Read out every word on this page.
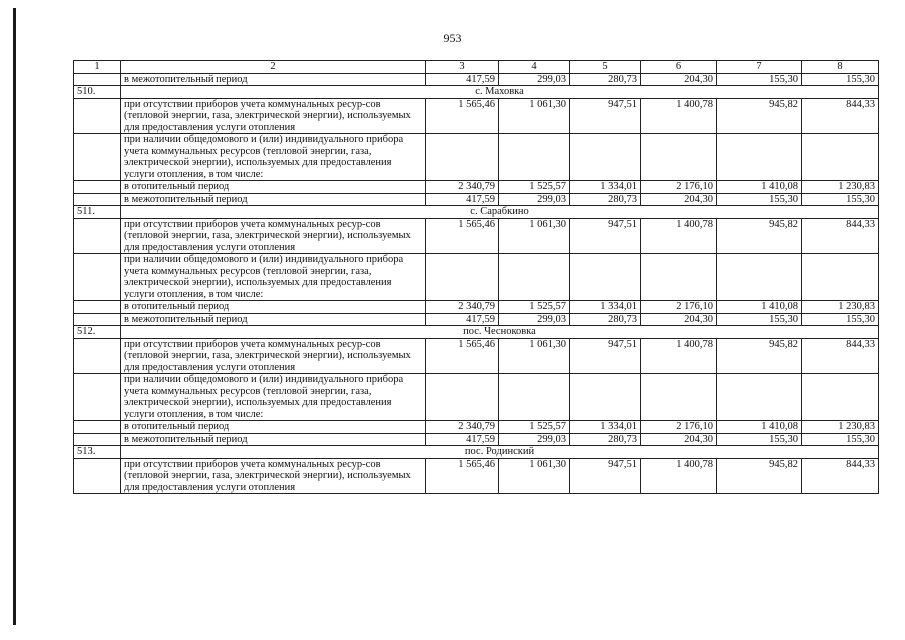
953
1	2	3	4	5	6	7	8
	в межотопительный период	417,59	299,03	280,73	204,30	155,30	155,30
510.	с. Маховка						
	при отсутствии приборов учета коммунальных ресур-сов (тепловой энергии, газа, электрической энергии), используемых для предоставления услуги отопления	1 565,46	1 061,30	947,51	1 400,78	945,82	844,33
	при наличии общедомового и (или) индивидуального прибора учета коммунальных ресурсов (тепловой энергии, газа, электрической энергии), используемых для предоставления услуги отопления, в том числе:						
	в отопительный период	2 340,79	1 525,57	1 334,01	2 176,10	1 410,08	1 230,83
	в межотопительный период	417,59	299,03	280,73	204,30	155,30	155,30
511.	с. Сарабкино						
	при отсутствии приборов учета коммунальных ресур-сов (тепловой энергии, газа, электрической энергии), используемых для предоставления услуги отопления	1 565,46	1 061,30	947,51	1 400,78	945,82	844,33
	при наличии общедомового и (или) индивидуального прибора учета коммунальных ресурсов (тепловой энергии, газа, электрической энергии), используемых для предоставления услуги отопления, в том числе:						
	в отопительный период	2 340,79	1 525,57	1 334,01	2 176,10	1 410,08	1 230,83
	в межотопительный период	417,59	299,03	280,73	204,30	155,30	155,30
512.	пос. Чесноковка						
	при отсутствии приборов учета коммунальных ресур-сов (тепловой энергии, газа, электрической энергии), используемых для предоставления услуги отопления	1 565,46	1 061,30	947,51	1 400,78	945,82	844,33
	при наличии общедомового и (или) индивидуального прибора учета коммунальных ресурсов (тепловой энергии, газа, электрической энергии), используемых для предоставления услуги отопления, в том числе:						
	в отопительный период	2 340,79	1 525,57	1 334,01	2 176,10	1 410,08	1 230,83
	в межотопительный период	417,59	299,03	280,73	204,30	155,30	155,30
513.	пос. Родинский						
	при отсутствии приборов учета коммунальных ресур-сов (тепловой энергии, газа, электрической энергии), используемых для предоставления услуги отопления	1 565,46	1 061,30	947,51	1 400,78	945,82	844,33
